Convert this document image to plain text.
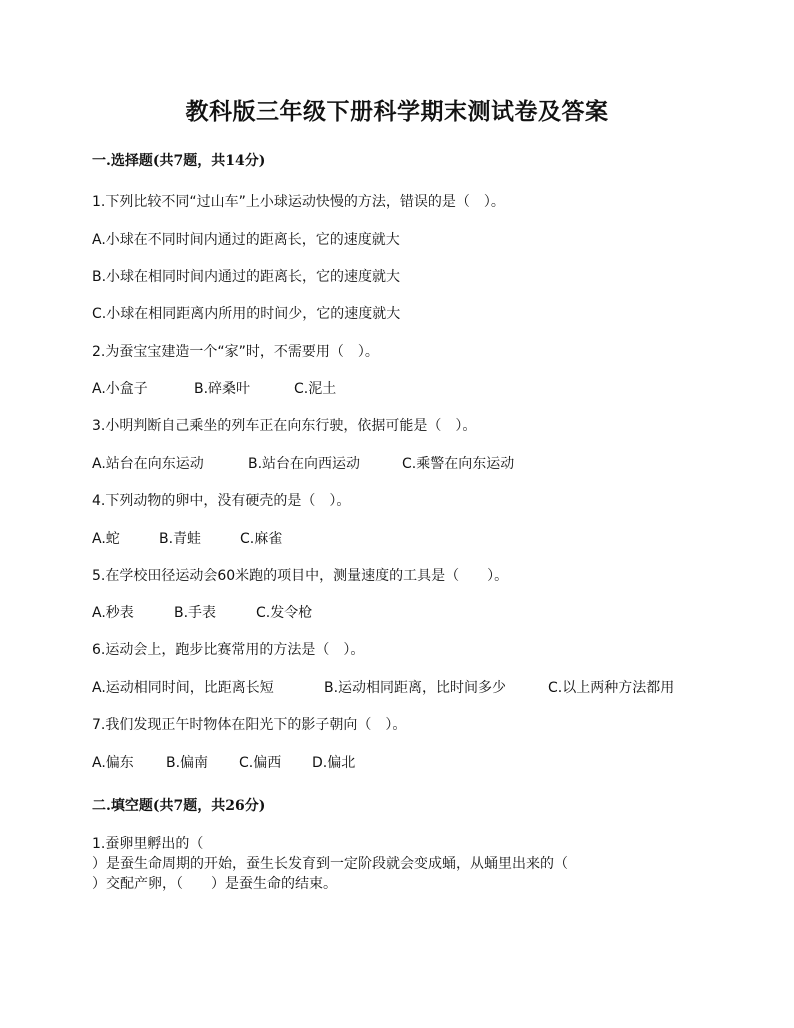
教科版三年级下册科学期末测试卷及答案
一.选择题(共7题，共14分)
1.下列比较不同“过山车”上小球运动快慢的方法，错误的是（　）。
A.小球在不同时间内通过的距离长，它的速度就大
B.小球在相同时间内通过的距离长，它的速度就大
C.小球在相同距离内所用的时间少，它的速度就大
2.为蚕宝宝建造一个“家”时，不需要用（　）。
A.小盒子	B.碎桑叶	C.泥土
3.小明判断自己乘坐的列车正在向东行驶，依据可能是（　）。
A.站台在向东运动	B.站台在向西运动	C.乘警在向东运动
4.下列动物的卵中，没有硬壳的是（　）。
A.蛇	B.青蛙	C.麻雀
5.在学校田径运动会60米跑的项目中，测量速度的工具是（　　）。
A.秒表	B.手表	C.发令枪
6.运动会上，跑步比赛常用的方法是（　）。
A.运动相同时间，比距离长短	B.运动相同距离，比时间多少	C.以上两种方法都用
7.我们发现正午时物体在阳光下的影子朝向（　）。
A.偏东 B.偏南 C.偏西 D.偏北
二.填空题(共7题，共26分)
1.蚕卵里孵出的（
）是蚕生命周期的开始，蚕生长发育到一定阶段就会变成蛹，从蛹里出来的（
）交配产卵，（　　）是蚕生命的结束。
